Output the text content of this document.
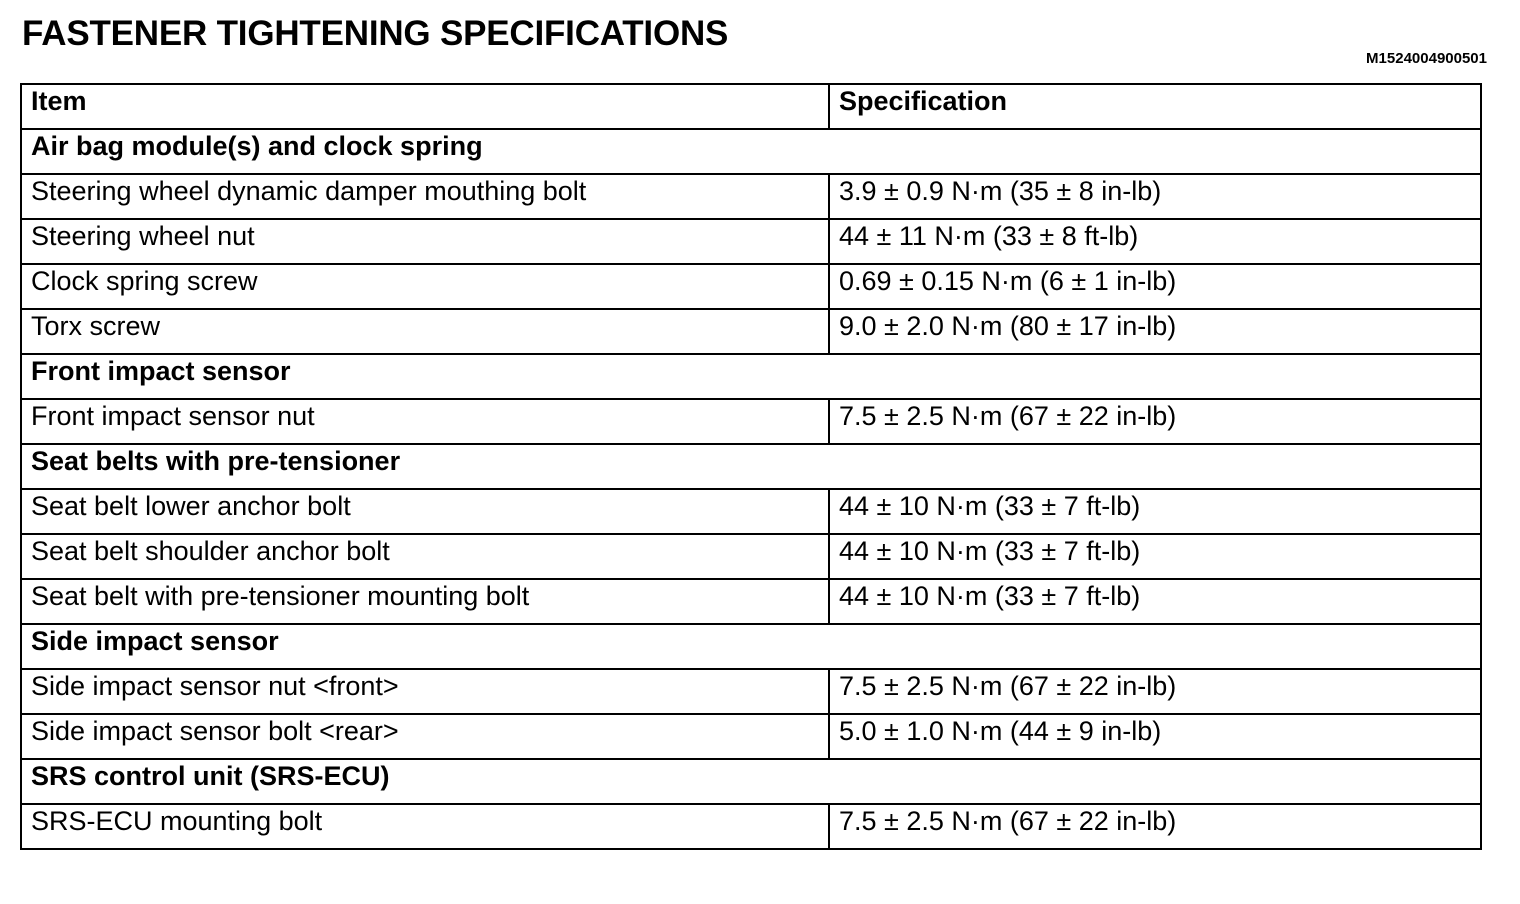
FASTENER TIGHTENING SPECIFICATIONS
M1524004900501
Item	Specification
Air bag module(s) and clock spring	
Steering wheel dynamic damper mouthing bolt	3.9 ± 0.9 N·m (35 ± 8 in-lb)
Steering wheel nut	44 ± 11 N·m (33 ± 8 ft-lb)
Clock spring screw	0.69 ± 0.15 N·m (6 ± 1 in-lb)
Torx screw	9.0 ± 2.0 N·m (80 ± 17 in-lb)
Front impact sensor	
Front impact sensor nut	7.5 ± 2.5 N·m (67 ± 22 in-lb)
Seat belts with pre-tensioner	
Seat belt lower anchor bolt	44 ± 10 N·m (33 ± 7 ft-lb)
Seat belt shoulder anchor bolt	44 ± 10 N·m (33 ± 7 ft-lb)
Seat belt with pre-tensioner mounting bolt	44 ± 10 N·m (33 ± 7 ft-lb)
Side impact sensor	
Side impact sensor nut <front>	7.5 ± 2.5 N·m (67 ± 22 in-lb)
Side impact sensor bolt <rear>	5.0 ± 1.0 N·m (44 ± 9 in-lb)
SRS control unit (SRS-ECU)	
SRS-ECU mounting bolt	7.5 ± 2.5 N·m (67 ± 22 in-lb)
